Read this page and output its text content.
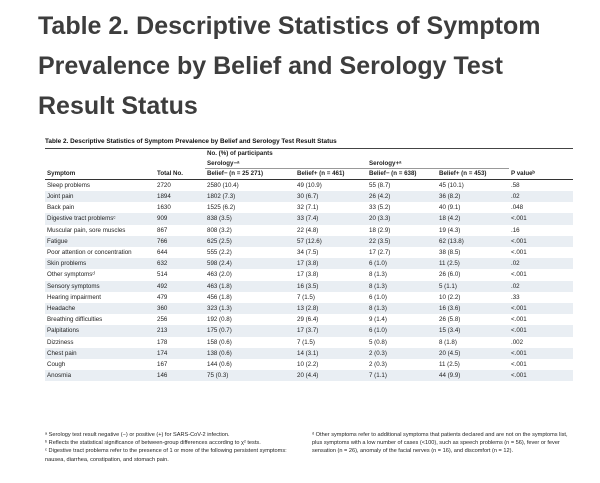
Table 2. Descriptive Statistics of Symptom Prevalence by Belief and Serology Test Result Status
Table 2. Descriptive Statistics of Symptom Prevalence by Belief and Serology Test Result Status
		No. (%) of participants				
		Serology−ᵃ		Serology+ᵃ		
Symptom	Total No.	Belief− (n = 25 271)	Belief+ (n = 461)	Belief− (n = 638)	Belief+ (n = 453)	P valueᵇ
Sleep problems	2720	2580 (10.4)	49 (10.9)	55 (8.7)	45 (10.1)	.58
Joint pain	1894	1802 (7.3)	30 (6.7)	26 (4.2)	36 (8.2)	.02
Back pain	1630	1525 (6.2)	32 (7.1)	33 (5.2)	40 (9.1)	.048
Digestive tract problemsᶜ	909	838 (3.5)	33 (7.4)	20 (3.3)	18 (4.2)	<.001
Muscular pain, sore muscles	867	808 (3.2)	22 (4.8)	18 (2.9)	19 (4.3)	.16
Fatigue	766	625 (2.5)	57 (12.6)	22 (3.5)	62 (13.8)	<.001
Poor attention or concentration	644	555 (2.2)	34 (7.5)	17 (2.7)	38 (8.5)	<.001
Skin problems	632	598 (2.4)	17 (3.8)	6 (1.0)	11 (2.5)	.02
Other symptomsᵈ	514	463 (2.0)	17 (3.8)	8 (1.3)	26 (6.0)	<.001
Sensory symptoms	492	463 (1.8)	16 (3.5)	8 (1.3)	5 (1.1)	.02
Hearing impairment	479	456 (1.8)	7 (1.5)	6 (1.0)	10 (2.2)	.33
Headache	360	323 (1.3)	13 (2.8)	8 (1.3)	16 (3.6)	<.001
Breathing difficulties	256	192 (0.8)	29 (6.4)	9 (1.4)	26 (5.8)	<.001
Palpitations	213	175 (0.7)	17 (3.7)	6 (1.0)	15 (3.4)	<.001
Dizziness	178	158 (0.6)	7 (1.5)	5 (0.8)	8 (1.8)	.002
Chest pain	174	138 (0.6)	14 (3.1)	2 (0.3)	20 (4.5)	<.001
Cough	167	144 (0.6)	10 (2.2)	2 (0.3)	11 (2.5)	<.001
Anosmia	146	75 (0.3)	20 (4.4)	7 (1.1)	44 (9.9)	<.001

ᵃ Serology test result negative (−) or positive (+) for SARS-CoV-2 infection.

ᵇ Reflects the statistical significance of between-group differences according to χ² tests.

ᶜ Digestive tract problems refer to the presence of 1 or more of the following persistent symptoms: nausea, diarrhea, constipation, and stomach pain.

ᵈ Other symptoms refer to additional symptoms that patients declared and are not on the symptoms list, plus symptoms with a low number of cases (<100), such as speech problems (n = 56), fever or fever sensation (n = 26), anomaly of the facial nerves (n = 16), and discomfort (n = 12).
